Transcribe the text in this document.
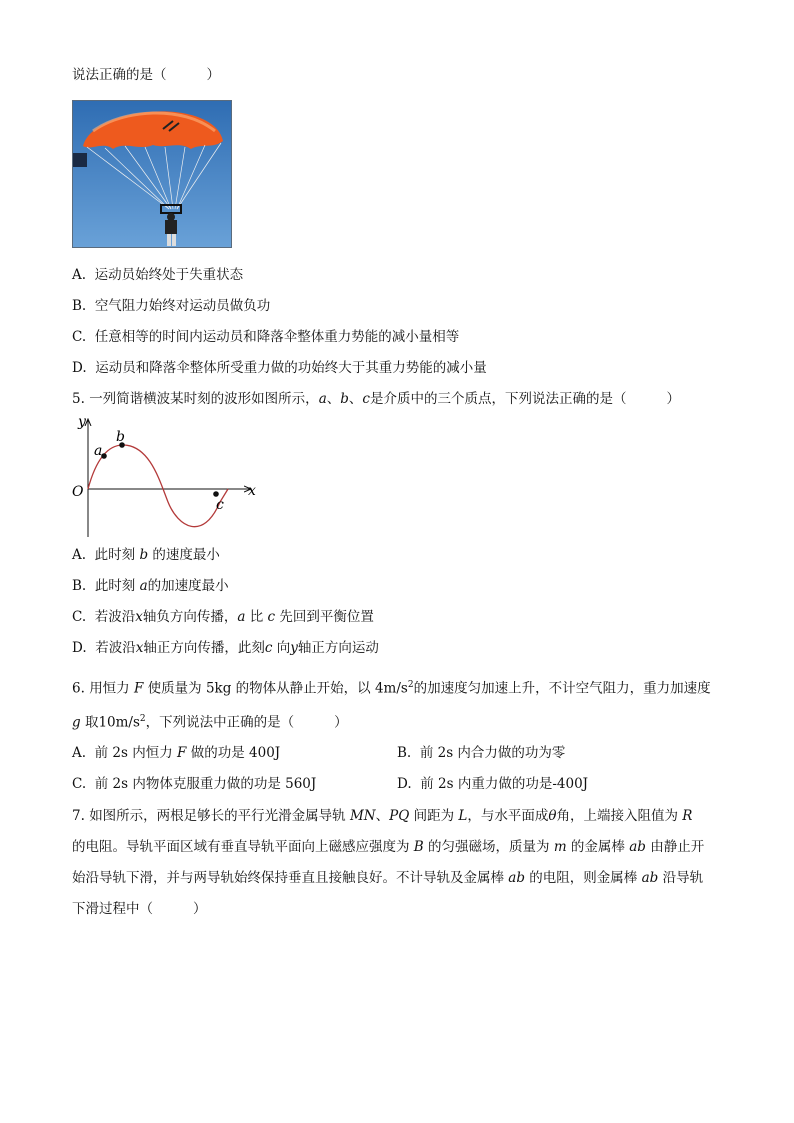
说法正确的是（	）
A. 运动员始终处于失重状态
B. 空气阻力始终对运动员做负功
C. 任意相等的时间内运动员和降落伞整体重力势能的减小量相等
D. 运动员和降落伞整体所受重力做的功始终大于其重力势能的减小量
5. 一列简谐横波某时刻的波形如图所示，a、b、c是介质中的三个质点，下列说法正确的是（	）
y
x
O
a
b
c
A. 此时刻 b 的速度最小
B. 此时刻 a的加速度最小
C. 若波沿x轴负方向传播，a 比 c 先回到平衡位置
D. 若波沿x轴正方向传播，此刻c 向y轴正方向运动
6. 用恒力 F 使质量为 5kg 的物体从静止开始，以 $4m/s^2$的加速度匀加速上升，不计空气阻力，重力加速度
g 取$10m/s^2$，下列说法中正确的是（	）
A. 前 2s 内恒力 F 做的功是 400J	B. 前 2s 内合力做的功为零
C. 前 2s 内物体克服重力做的功是 560J	D. 前 2s 内重力做的功是-400J
7. 如图所示，两根足够长的平行光滑金属导轨 MN、PQ 间距为 L，与水平面成θ角，上端接入阻值为 R
的电阻。导轨平面区域有垂直导轨平面向上磁感应强度为 B 的匀强磁场，质量为 m 的金属棒 ab 由静止开
始沿导轨下滑，并与两导轨始终保持垂直且接触良好。不计导轨及金属棒 ab 的电阻，则金属棒 ab 沿导轨
下滑过程中（	）
